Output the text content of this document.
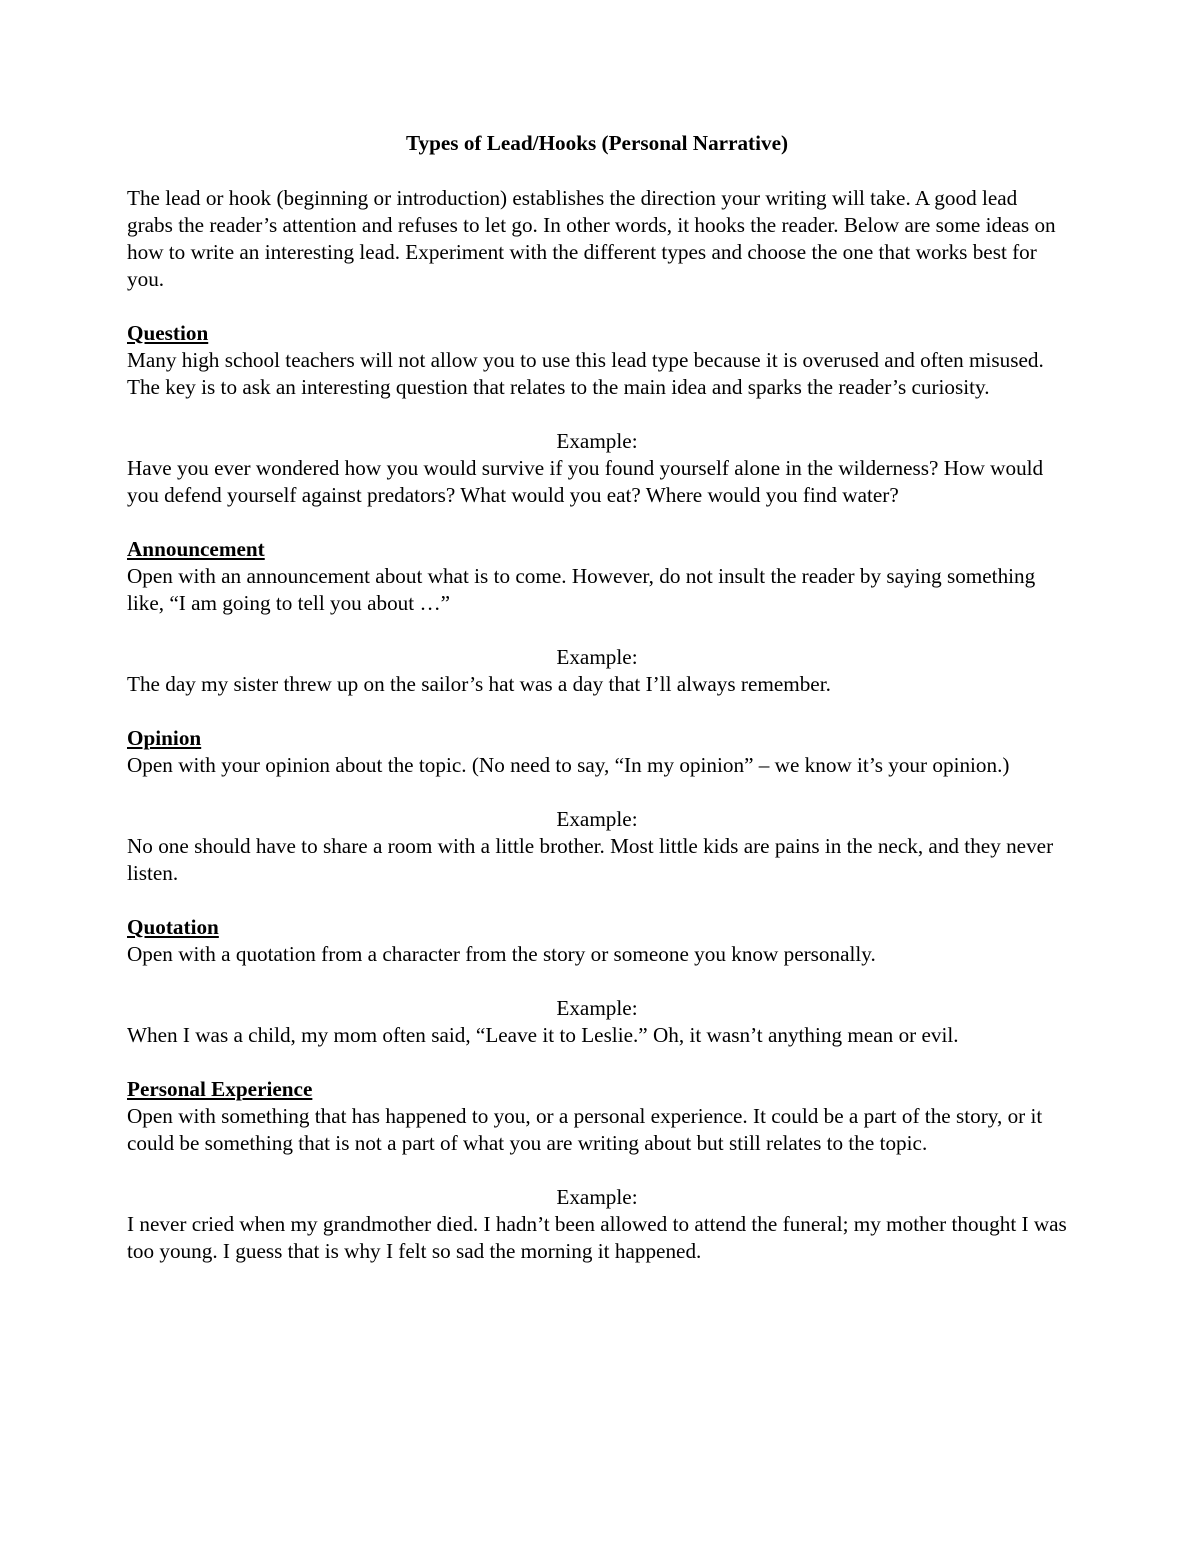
Types of Lead/Hooks (Personal Narrative)

The lead or hook (beginning or introduction) establishes the direction your writing will take. A good lead grabs the reader’s attention and refuses to let go. In other words, it hooks the reader. Below are some ideas on how to write an interesting lead. Experiment with the different types and choose the one that works best for you.

Question

Many high school teachers will not allow you to use this lead type because it is overused and often misused. The key is to ask an interesting question that relates to the main idea and sparks the reader’s curiosity.

Example:

Have you ever wondered how you would survive if you found yourself alone in the wilderness? How would you defend yourself against predators? What would you eat? Where would you find water?

Announcement

Open with an announcement about what is to come. However, do not insult the reader by saying something like, “I am going to tell you about …”

Example:

The day my sister threw up on the sailor’s hat was a day that I’ll always remember.

Opinion

Open with your opinion about the topic. (No need to say, “In my opinion” – we know it’s your opinion.)

Example:

No one should have to share a room with a little brother. Most little kids are pains in the neck, and they never listen.

Quotation

Open with a quotation from a character from the story or someone you know personally.

Example:

When I was a child, my mom often said, “Leave it to Leslie.” Oh, it wasn’t anything mean or evil.

Personal Experience

Open with something that has happened to you, or a personal experience. It could be a part of the story, or it could be something that is not a part of what you are writing about but still relates to the topic.

Example:

I never cried when my grandmother died. I hadn’t been allowed to attend the funeral; my mother thought I was too young. I guess that is why I felt so sad the morning it happened.
